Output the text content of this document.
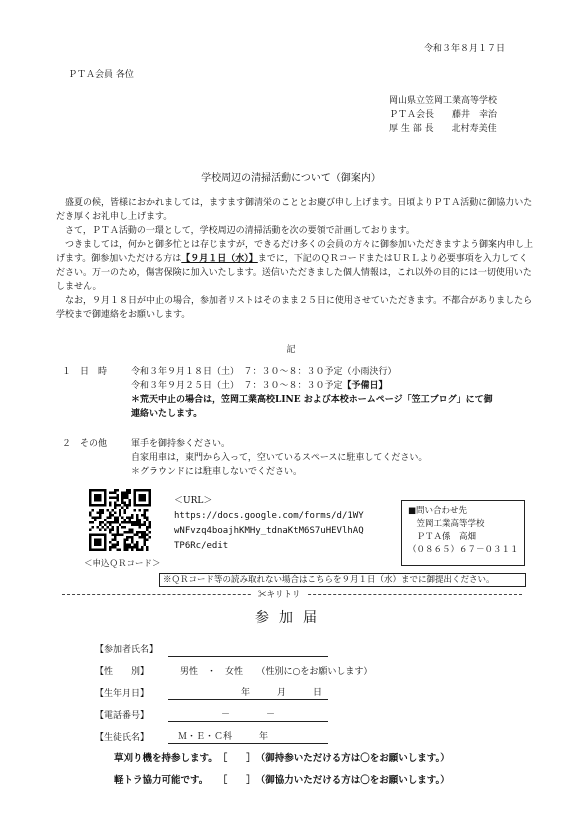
令和３年８月１７日
ＰＴＡ会員 各位
岡山県立笠岡工業高等学校
ＰＴＡ会長　　藤井　幸治
厚 生 部 長　　北村寿美佳
学校周辺の清掃活動について（御案内）

盛夏の候，皆様におかれましては，ますます御清栄のこととお慶び申し上げます。日頃よりＰＴＡ活動に御協力いただき厚くお礼申し上げます。

さて，ＰＴＡ活動の一環として，学校周辺の清掃活動を次の要領で計画しております。

つきましては，何かと御多忙とは存じますが，できるだけ多くの会員の方々に御参加いただきますよう御案内申し上げます。御参加いただける方は【９月１日（水）】までに，下記のＱＲコードまたはＵＲＬより必要事項を入力してください。万一のため，傷害保険に加入いたします。送信いただきました個人情報は，これ以外の目的には一切使用いたしません。

なお，９月１８日が中止の場合，参加者リストはそのまま２５日に使用させていただきます。不都合がありましたら学校まで御連絡をお願いします。

記
１　日　時	令和３年９月１８日（土）　７：３０～８：３０予定（小雨決行）
令和３年９月２５日（土）　７：３０～８：３０予定【予備日】
＊荒天中止の場合は，笠岡工業高校LINE および本校ホームページ「笠工ブログ」にて御連絡いたします。
２　その他	軍手を御持参ください。
自家用車は，東門から入って，空いているスペースに駐車してください。
＊グラウンドには駐車しないでください。
＜申込ＱＲコード＞
＜URL＞
https://docs.google.com/forms/d/1WY
wNFvzq4boajhKMHy_tdnaKtM6S7uHEVlhAQ
TP6Rc/edit
■問い合わせ先
　笠岡工業高等学校
　ＰＴＡ係　高畑
（０８６５）６７－０３１１
※ＱＲコード等の読み取れない場合はこちらを９月１日（水）までに御提出ください。
✂キリトリ
参加届
【参加者氏名】
【性　　別】	男性　・　女性　　（性別に○をお願いします）
【生年月日】	年　　　月　　　日
【電話番号】	－　　　　－
【生徒氏名】	Ｍ・Ｅ・Ｃ科　　　年
草刈り機を持参します。　［　　］　（御持参いただける方は〇をお願いします。）
軽トラ協力可能です。　　［　　］　（御協力いただける方は〇をお願いします。）
